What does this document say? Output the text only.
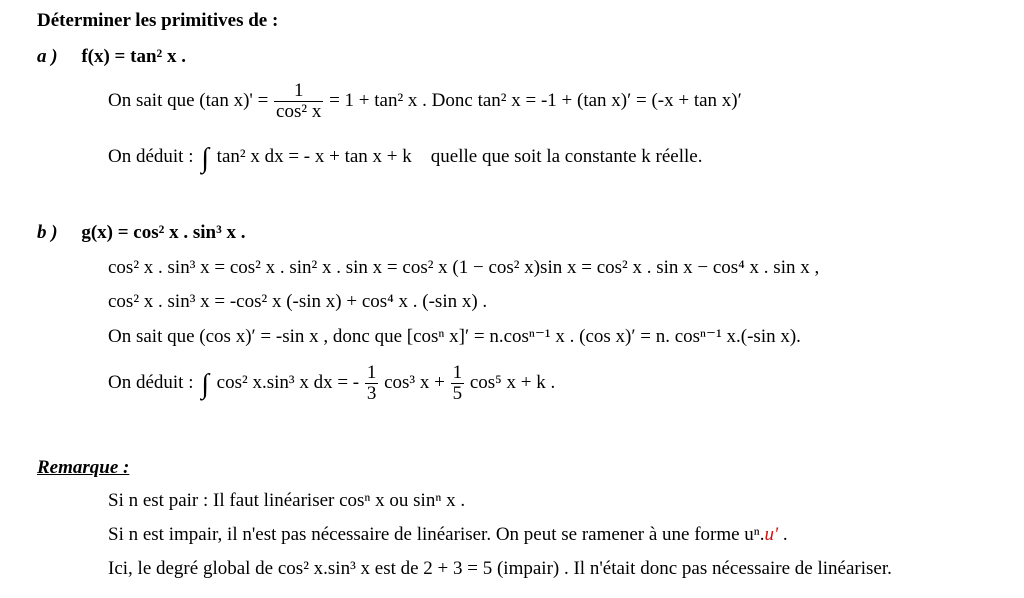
Déterminer les primitives de :
a ) f(x) = tan² x .
On sait que (tan $x)' = \frac{1}{\text{cos² x}} = 1 + \tan^2$ x . Donc tan² x = -1 + (tan x)′ = (-x + tan x)′
On déduit : ∫ tan² x dx = - x + tan x + k quelle que soit la constante k réelle.
b ) g(x) = cos² x . sin³ x .
cos² x . sin³ x = cos² x . sin² x . sin x = cos² x (1 − cos² x)sin x = cos² x . sin x − cos⁴ x . sin x ,
cos² x . sin³ x = -cos² x (-sin x) + cos⁴ x . (-sin x) .
On sait que (cos x)′ = -sin x , donc que [cosⁿ x]′ = n.cosⁿ⁻¹ x . (cos x)′ = n. cosⁿ⁻¹ x.(-sin x).
On déduit : ∫ cos² x.sin³ x dx = - $\frac{1}{3} \cos^3$ $x + \frac{1}{5} \cos^5$ x + k .
Remarque :
Si n est pair : Il faut linéariser cosⁿ x ou sinⁿ x .
Si n est impair, il n'est pas nécessaire de linéariser. On peut se ramener à une forme uⁿ.u' .
Ici, le degré global de cos² x.sin³ x est de 2 + 3 = 5 (impair) . Il n'était donc pas nécessaire de linéariser.
